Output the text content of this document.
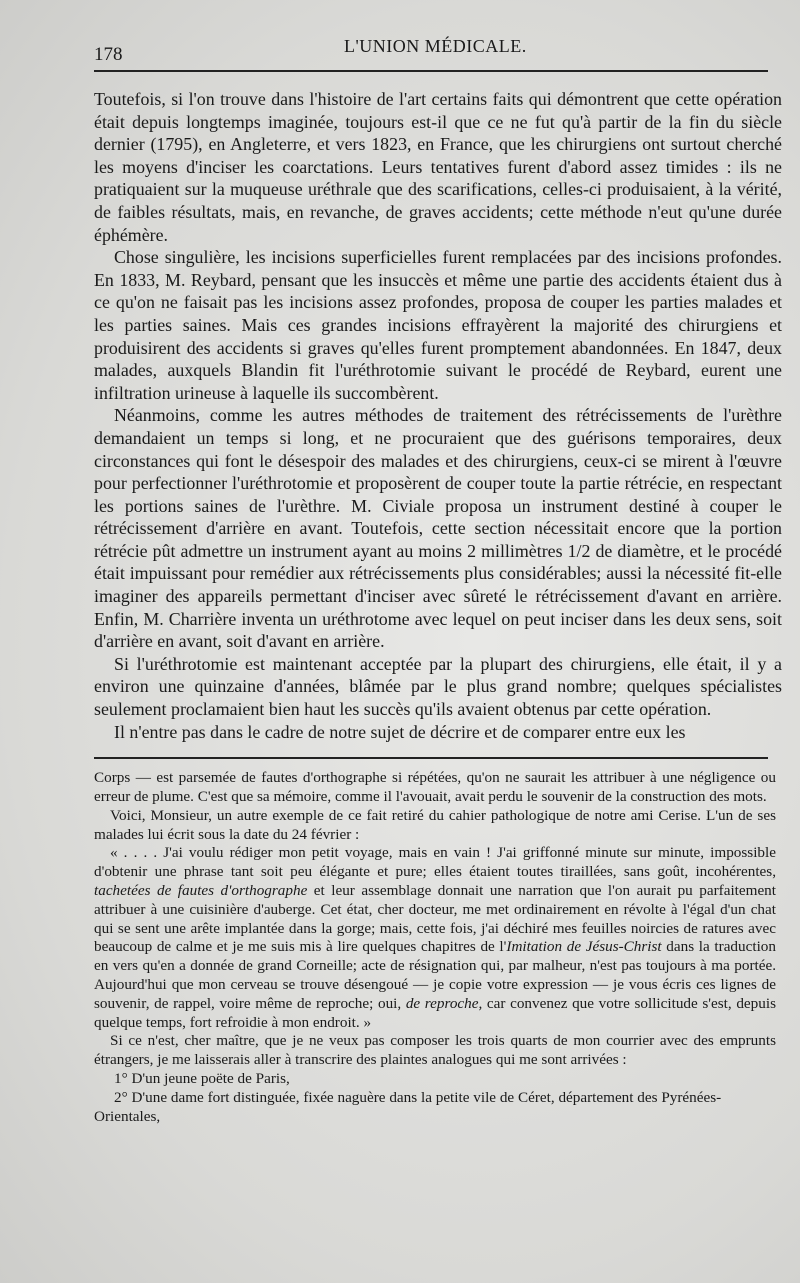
178	L'UNION MÉDICALE.

Toutefois, si l'on trouve dans l'histoire de l'art certains faits qui démontrent que cette opération était depuis longtemps imaginée, toujours est-il que ce ne fut qu'à partir de la fin du siècle dernier (1795), en Angleterre, et vers 1823, en France, que les chirurgiens ont surtout cherché les moyens d'inciser les coarctations. Leurs tentatives furent d'abord assez timides : ils ne pratiquaient sur la muqueuse uréthrale que des scarifications, celles-ci produisaient, à la vérité, de faibles résultats, mais, en revanche, de graves accidents; cette méthode n'eut qu'une durée éphémère.

Chose singulière, les incisions superficielles furent remplacées par des incisions profondes. En 1833, M. Reybard, pensant que les insuccès et même une partie des accidents étaient dus à ce qu'on ne faisait pas les incisions assez profondes, proposa de couper les parties malades et les parties saines. Mais ces grandes incisions effrayèrent la majorité des chirurgiens et produisirent des accidents si graves qu'elles furent promptement abandonnées. En 1847, deux malades, auxquels Blandin fit l'uréthrotomie suivant le procédé de Reybard, eurent une infiltration urineuse à laquelle ils succombèrent.

Néanmoins, comme les autres méthodes de traitement des rétrécissements de l'urèthre demandaient un temps si long, et ne procuraient que des guérisons temporaires, deux circonstances qui font le désespoir des malades et des chirurgiens, ceux-ci se mirent à l'œuvre pour perfectionner l'uréthrotomie et proposèrent de couper toute la partie rétrécie, en respectant les portions saines de l'urèthre. M. Civiale proposa un instrument destiné à couper le rétrécissement d'arrière en avant. Toutefois, cette section nécessitait encore que la portion rétrécie pût admettre un instrument ayant au moins 2 millimètres 1/2 de diamètre, et le procédé était impuissant pour remédier aux rétrécissements plus considérables; aussi la nécessité fit-elle imaginer des appareils permettant d'inciser avec sûreté le rétrécissement d'avant en arrière. Enfin, M. Charrière inventa un uréthrotome avec lequel on peut inciser dans les deux sens, soit d'arrière en avant, soit d'avant en arrière.

Si l'uréthrotomie est maintenant acceptée par la plupart des chirurgiens, elle était, il y a environ une quinzaine d'années, blâmée par le plus grand nombre; quelques spécialistes seulement proclamaient bien haut les succès qu'ils avaient obtenus par cette opération.

Il n'entre pas dans le cadre de notre sujet de décrire et de comparer entre eux les

Corps — est parsemée de fautes d'orthographe si répétées, qu'on ne saurait les attribuer à une négligence ou erreur de plume. C'est que sa mémoire, comme il l'avouait, avait perdu le souvenir de la construction des mots.

Voici, Monsieur, un autre exemple de ce fait retiré du cahier pathologique de notre ami Cerise. L'un de ses malades lui écrit sous la date du 24 février :

« . . . . J'ai voulu rédiger mon petit voyage, mais en vain ! J'ai griffonné minute sur minute, impossible d'obtenir une phrase tant soit peu élégante et pure; elles étaient toutes tiraillées, sans goût, incohérentes, tachetées de fautes d'orthographe et leur assemblage donnait une narration que l'on aurait pu parfaitement attribuer à une cuisinière d'auberge. Cet état, cher docteur, me met ordinairement en révolte à l'égal d'un chat qui se sent une arête implantée dans la gorge; mais, cette fois, j'ai déchiré mes feuilles noircies de ratures avec beaucoup de calme et je me suis mis à lire quelques chapitres de l'Imitation de Jésus-Christ dans la traduction en vers qu'en a donnée de grand Corneille; acte de résignation qui, par malheur, n'est pas toujours à ma portée. Aujourd'hui que mon cerveau se trouve désengoué — je copie votre expression — je vous écris ces lignes de souvenir, de rappel, voire même de reproche; oui, de reproche, car convenez que votre sollicitude s'est, depuis quelque temps, fort refroidie à mon endroit. »

Si ce n'est, cher maître, que je ne veux pas composer les trois quarts de mon courrier avec des emprunts étrangers, je me laisserais aller à transcrire des plaintes analogues qui me sont arrivées :

1° D'un jeune poëte de Paris,

2° D'une dame fort distinguée, fixée naguère dans la petite vile de Céret, département des Pyrénées-Orientales,
